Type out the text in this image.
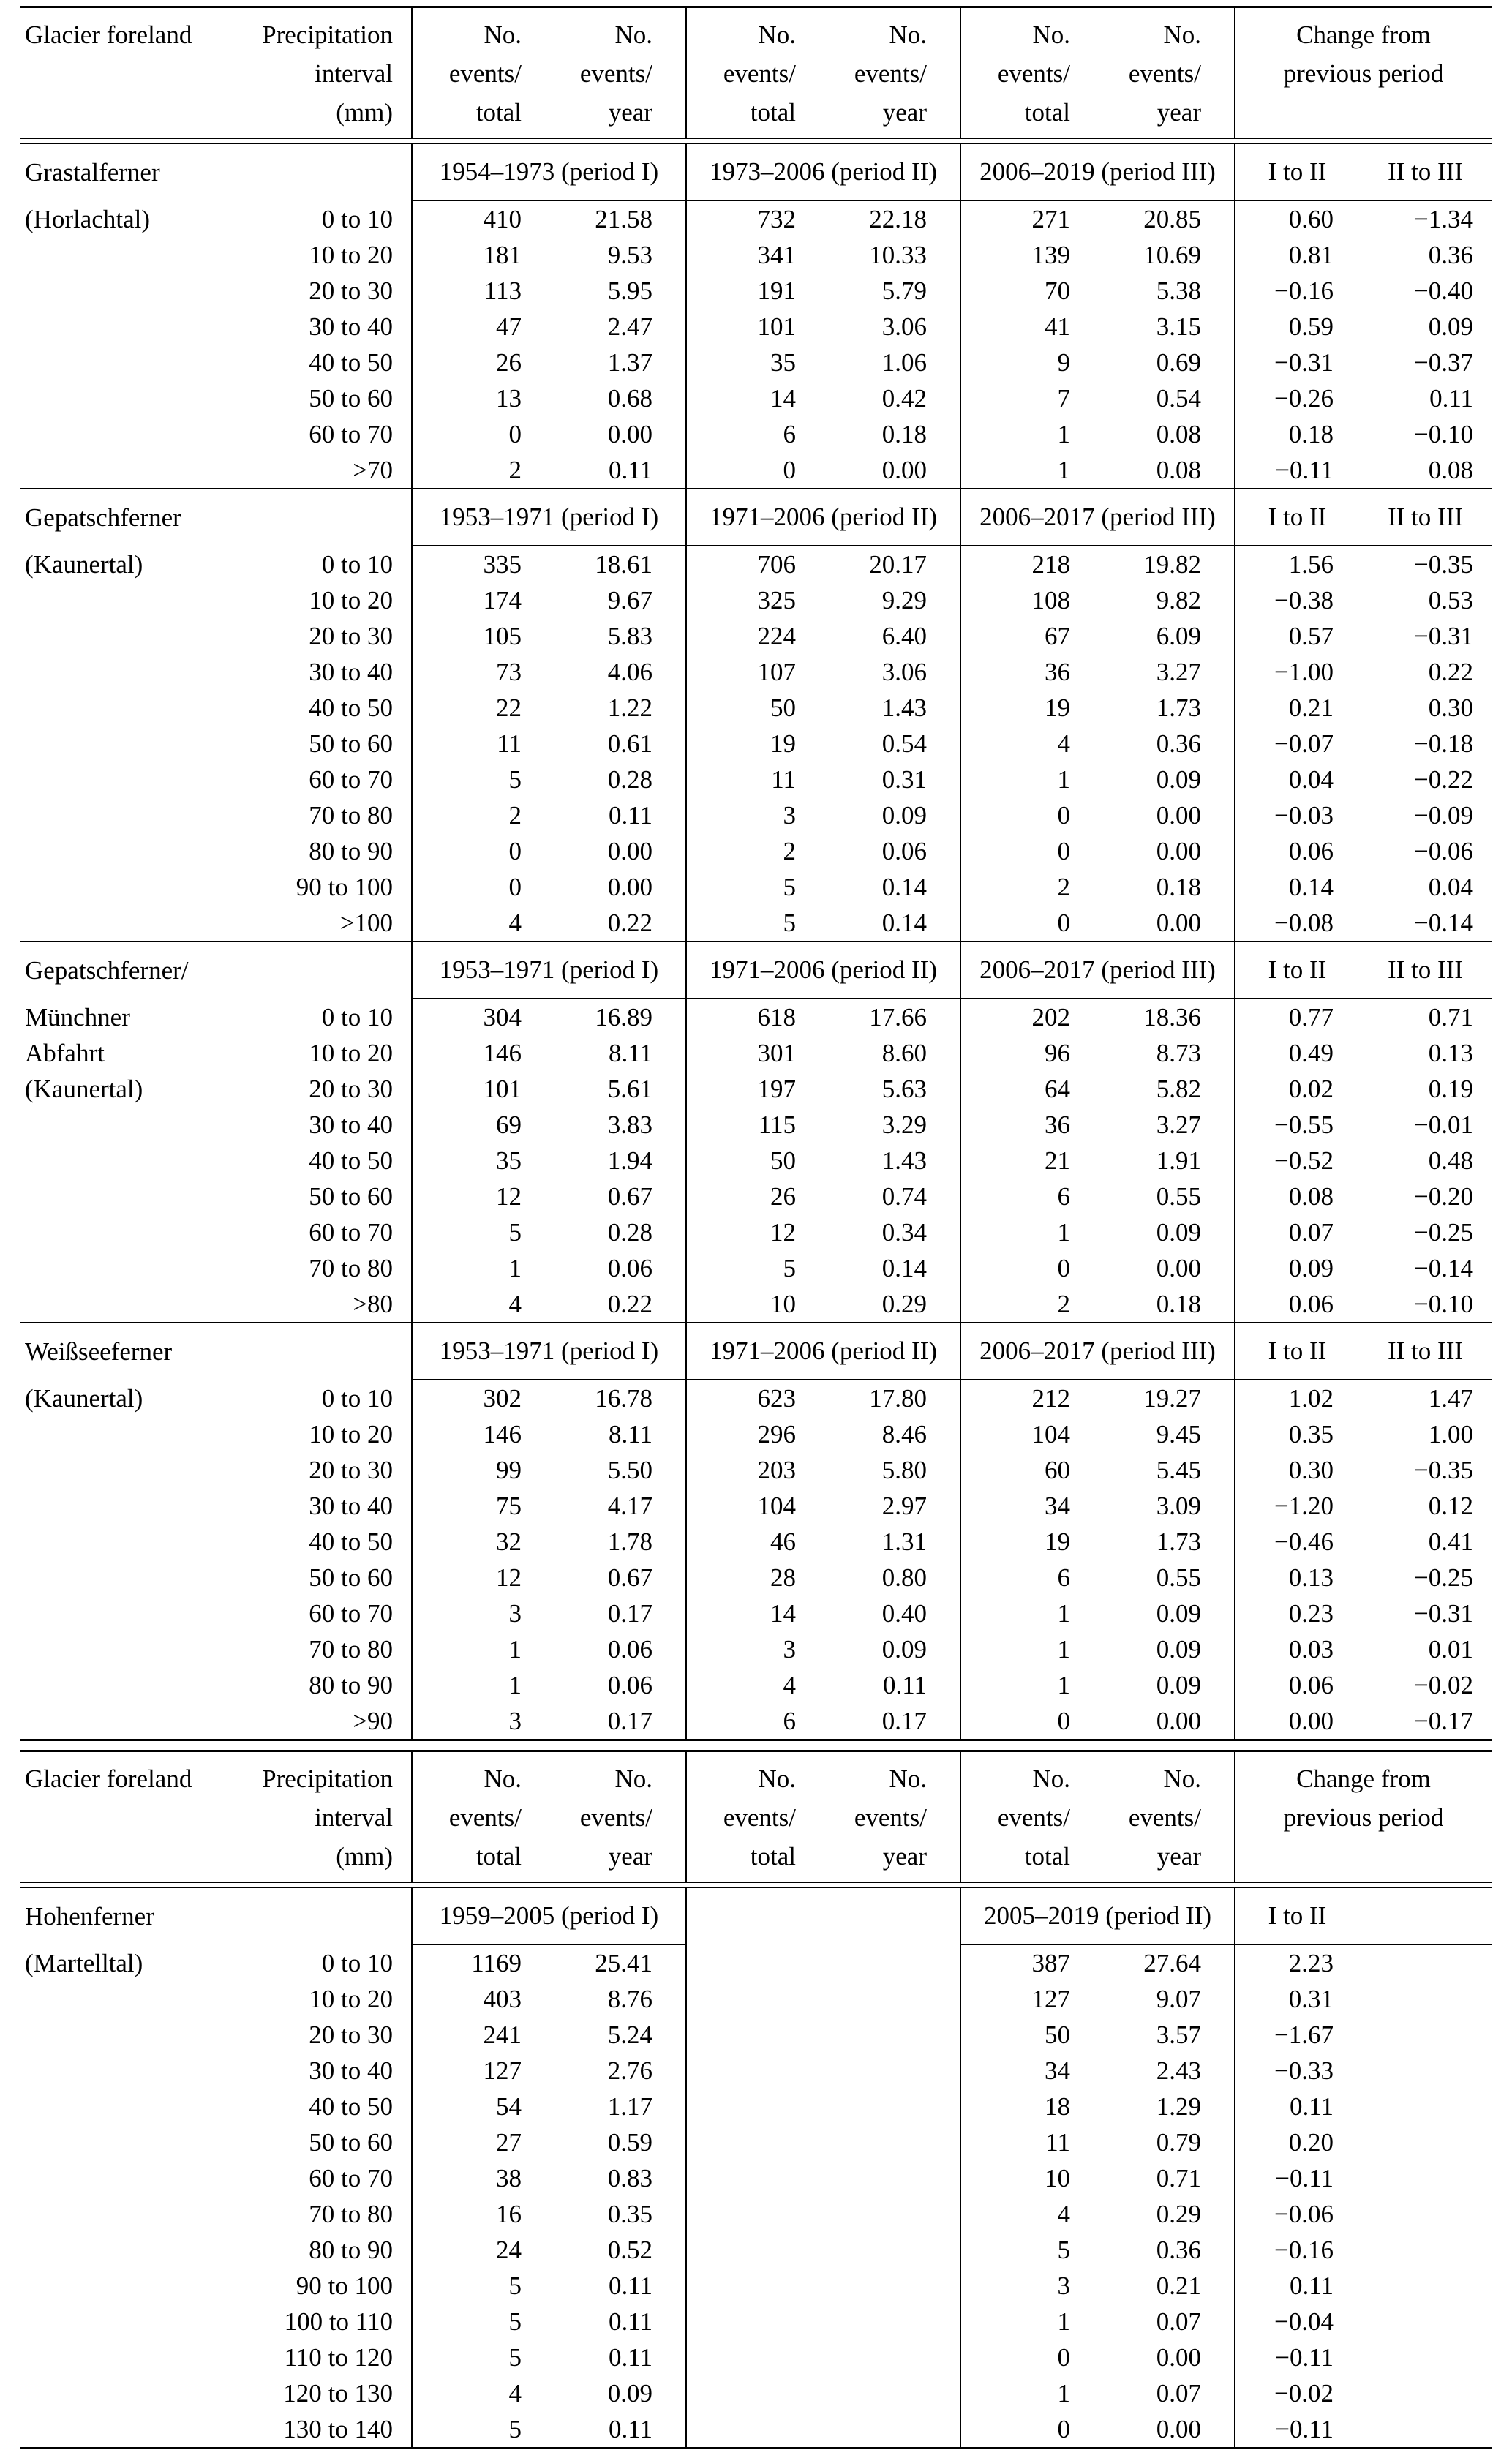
Glacier foreland	Precipitation
interval
(mm)

No.
events/
total

No.
events/
year

No.
events/
total

No.
events/
year

No.
events/
total

No.
events/
year

Change from
previous period

Grastalferner		1954–1973 (period I)		1973–2006 (period II)		2006–2019 (period III)		I to II	II to III
(Horlachtal)	0 to 10	410	21.58	732	22.18	271	20.85	0.60	−1.34
	10 to 20	181	9.53	341	10.33	139	10.69	0.81	0.36
	20 to 30	113	5.95	191	5.79	70	5.38	−0.16	−0.40
	30 to 40	47	2.47	101	3.06	41	3.15	0.59	0.09
	40 to 50	26	1.37	35	1.06	9	0.69	−0.31	−0.37
	50 to 60	13	0.68	14	0.42	7	0.54	−0.26	0.11
	60 to 70	0	0.00	6	0.18	1	0.08	0.18	−0.10
	>70	2	0.11	0	0.00	1	0.08	−0.11	0.08
Gepatschferner		1953–1971 (period I)		1971–2006 (period II)		2006–2017 (period III)		I to II	II to III
(Kaunertal)	0 to 10	335	18.61	706	20.17	218	19.82	1.56	−0.35
	10 to 20	174	9.67	325	9.29	108	9.82	−0.38	0.53
	20 to 30	105	5.83	224	6.40	67	6.09	0.57	−0.31
	30 to 40	73	4.06	107	3.06	36	3.27	−1.00	0.22
	40 to 50	22	1.22	50	1.43	19	1.73	0.21	0.30
	50 to 60	11	0.61	19	0.54	4	0.36	−0.07	−0.18
	60 to 70	5	0.28	11	0.31	1	0.09	0.04	−0.22
	70 to 80	2	0.11	3	0.09	0	0.00	−0.03	−0.09
	80 to 90	0	0.00	2	0.06	0	0.00	0.06	−0.06
	90 to 100	0	0.00	5	0.14	2	0.18	0.14	0.04
	>100	4	0.22	5	0.14	0	0.00	−0.08	−0.14
Gepatschferner/		1953–1971 (period I)		1971–2006 (period II)		2006–2017 (period III)		I to II	II to III
Münchner	0 to 10	304	16.89	618	17.66	202	18.36	0.77	0.71
Abfahrt	10 to 20	146	8.11	301	8.60	96	8.73	0.49	0.13
(Kaunertal)	20 to 30	101	5.61	197	5.63	64	5.82	0.02	0.19
	30 to 40	69	3.83	115	3.29	36	3.27	−0.55	−0.01
	40 to 50	35	1.94	50	1.43	21	1.91	−0.52	0.48
	50 to 60	12	0.67	26	0.74	6	0.55	0.08	−0.20
	60 to 70	5	0.28	12	0.34	1	0.09	0.07	−0.25
	70 to 80	1	0.06	5	0.14	0	0.00	0.09	−0.14
	>80	4	0.22	10	0.29	2	0.18	0.06	−0.10
Weißseeferner		1953–1971 (period I)		1971–2006 (period II)		2006–2017 (period III)		I to II	II to III
(Kaunertal)	0 to 10	302	16.78	623	17.80	212	19.27	1.02	1.47
	10 to 20	146	8.11	296	8.46	104	9.45	0.35	1.00
	20 to 30	99	5.50	203	5.80	60	5.45	0.30	−0.35
	30 to 40	75	4.17	104	2.97	34	3.09	−1.20	0.12
	40 to 50	32	1.78	46	1.31	19	1.73	−0.46	0.41
	50 to 60	12	0.67	28	0.80	6	0.55	0.13	−0.25
	60 to 70	3	0.17	14	0.40	1	0.09	0.23	−0.31
	70 to 80	1	0.06	3	0.09	1	0.09	0.03	0.01
	80 to 90	1	0.06	4	0.11	1	0.09	0.06	−0.02
	>90	3	0.17	6	0.17	0	0.00	0.00	−0.17
Glacier foreland	Precipitation
interval
(mm)

No.
events/
total

No.
events/
year

No.
events/
total

No.
events/
year

No.
events/
total

No.
events/
year

Change from
previous period

Hohenferner		1959–2005 (period I)				2005–2019 (period II)		I to II	
(Martelltal)	0 to 10	1169	25.41			387	27.64	2.23	
	10 to 20	403	8.76			127	9.07	0.31	
	20 to 30	241	5.24			50	3.57	−1.67	
	30 to 40	127	2.76			34	2.43	−0.33	
	40 to 50	54	1.17			18	1.29	0.11	
	50 to 60	27	0.59			11	0.79	0.20	
	60 to 70	38	0.83			10	0.71	−0.11	
	70 to 80	16	0.35			4	0.29	−0.06	
	80 to 90	24	0.52			5	0.36	−0.16	
	90 to 100	5	0.11			3	0.21	0.11	
	100 to 110	5	0.11			1	0.07	−0.04	
	110 to 120	5	0.11			0	0.00	−0.11	
	120 to 130	4	0.09			1	0.07	−0.02	
	130 to 140	5	0.11			0	0.00	−0.11	
